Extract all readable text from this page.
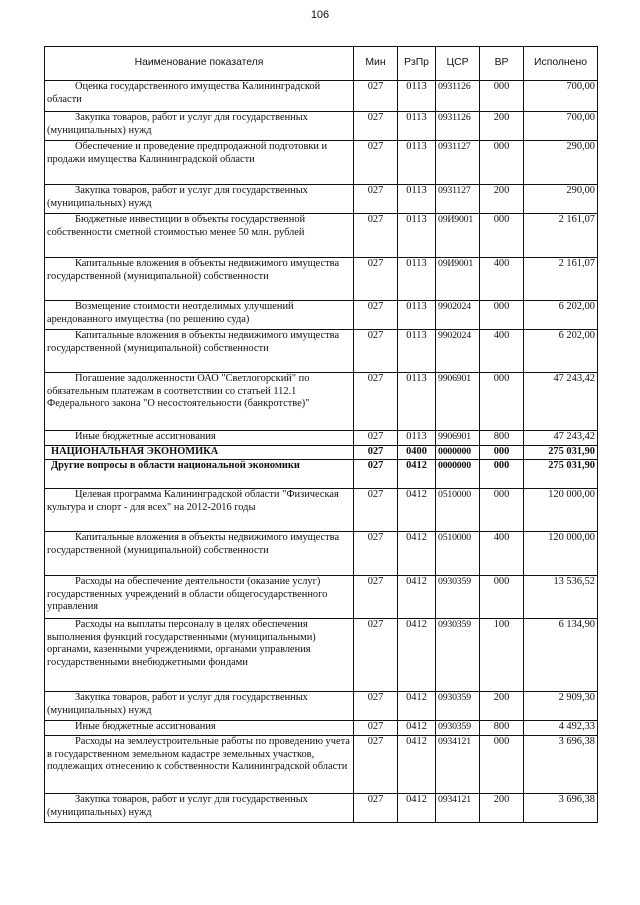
106
Наименование показателя	Мин	РзПр	ЦСР	ВР	Исполнено

Оценка государственного имущества Калининградской области	027	0113	0931126	000	700,00

Закупка товаров, работ и услуг для государственных (муниципальных) нужд	027	0113	0931126	200	700,00

Обеспечение и проведение предпродажной подготовки и продажи имущества Калининградской области	027	0113	0931127	000	290,00

Закупка товаров, работ и услуг для государственных (муниципальных) нужд	027	0113	0931127	200	290,00

Бюджетные инвестиции в объекты государственной собственности сметной стоимостью менее 50 млн. рублей	027	0113	09И9001	000	2 161,07

Капитальные вложения в объекты недвижимого имущества государственной (муниципальной) собственности	027	0113	09И9001	400	2 161,07

Возмещение стоимости неотделимых улучшений арендованного имущества (по решению суда)	027	0113	9902024	000	6 202,00

Капитальные вложения в объекты недвижимого имущества государственной (муниципальной) собственности	027	0113	9902024	400	6 202,00

Погашение задолженности ОАО "Светлогорский" по обязательным платежам в соответствии со статьей 112.1 Федерального закона "О несостоятельности (банкротстве)"	027	0113	9906901	000	47 243,42

Иные бюджетные ассигнования	027	0113	9906901	800	47 243,42

НАЦИОНАЛЬНАЯ ЭКОНОМИКА	027	0400	0000000	000	275 031,90

Другие вопросы в области национальной экономики	027	0412	0000000	000	275 031,90

Целевая программа Калининградской области "Физическая культура и спорт - для всех" на 2012-2016 годы	027	0412	0510000	000	120 000,00

Капитальные вложения в объекты недвижимого имущества государственной (муниципальной) собственности	027	0412	0510000	400	120 000,00

Расходы на обеспечение деятельности (оказание услуг) государственных учреждений в области общегосударственного управления	027	0412	0930359	000	13 536,52

Расходы на выплаты персоналу в целях обеспечения выполнения функций государственными (муниципальными) органами, казенными учреждениями, органами управления государственными внебюджетными фондами	027	0412	0930359	100	6 134,90

Закупка товаров, работ и услуг для государственных (муниципальных) нужд	027	0412	0930359	200	2 909,30

Иные бюджетные ассигнования	027	0412	0930359	800	4 492,33

Расходы на землеустроительные работы по проведению учета в государственном земельном кадастре земельных участков, подлежащих отнесению к собственности Калининградской области	027	0412	0934121	000	3 696,38

Закупка товаров, работ и услуг для государственных (муниципальных) нужд	027	0412	0934121	200	3 696,38
